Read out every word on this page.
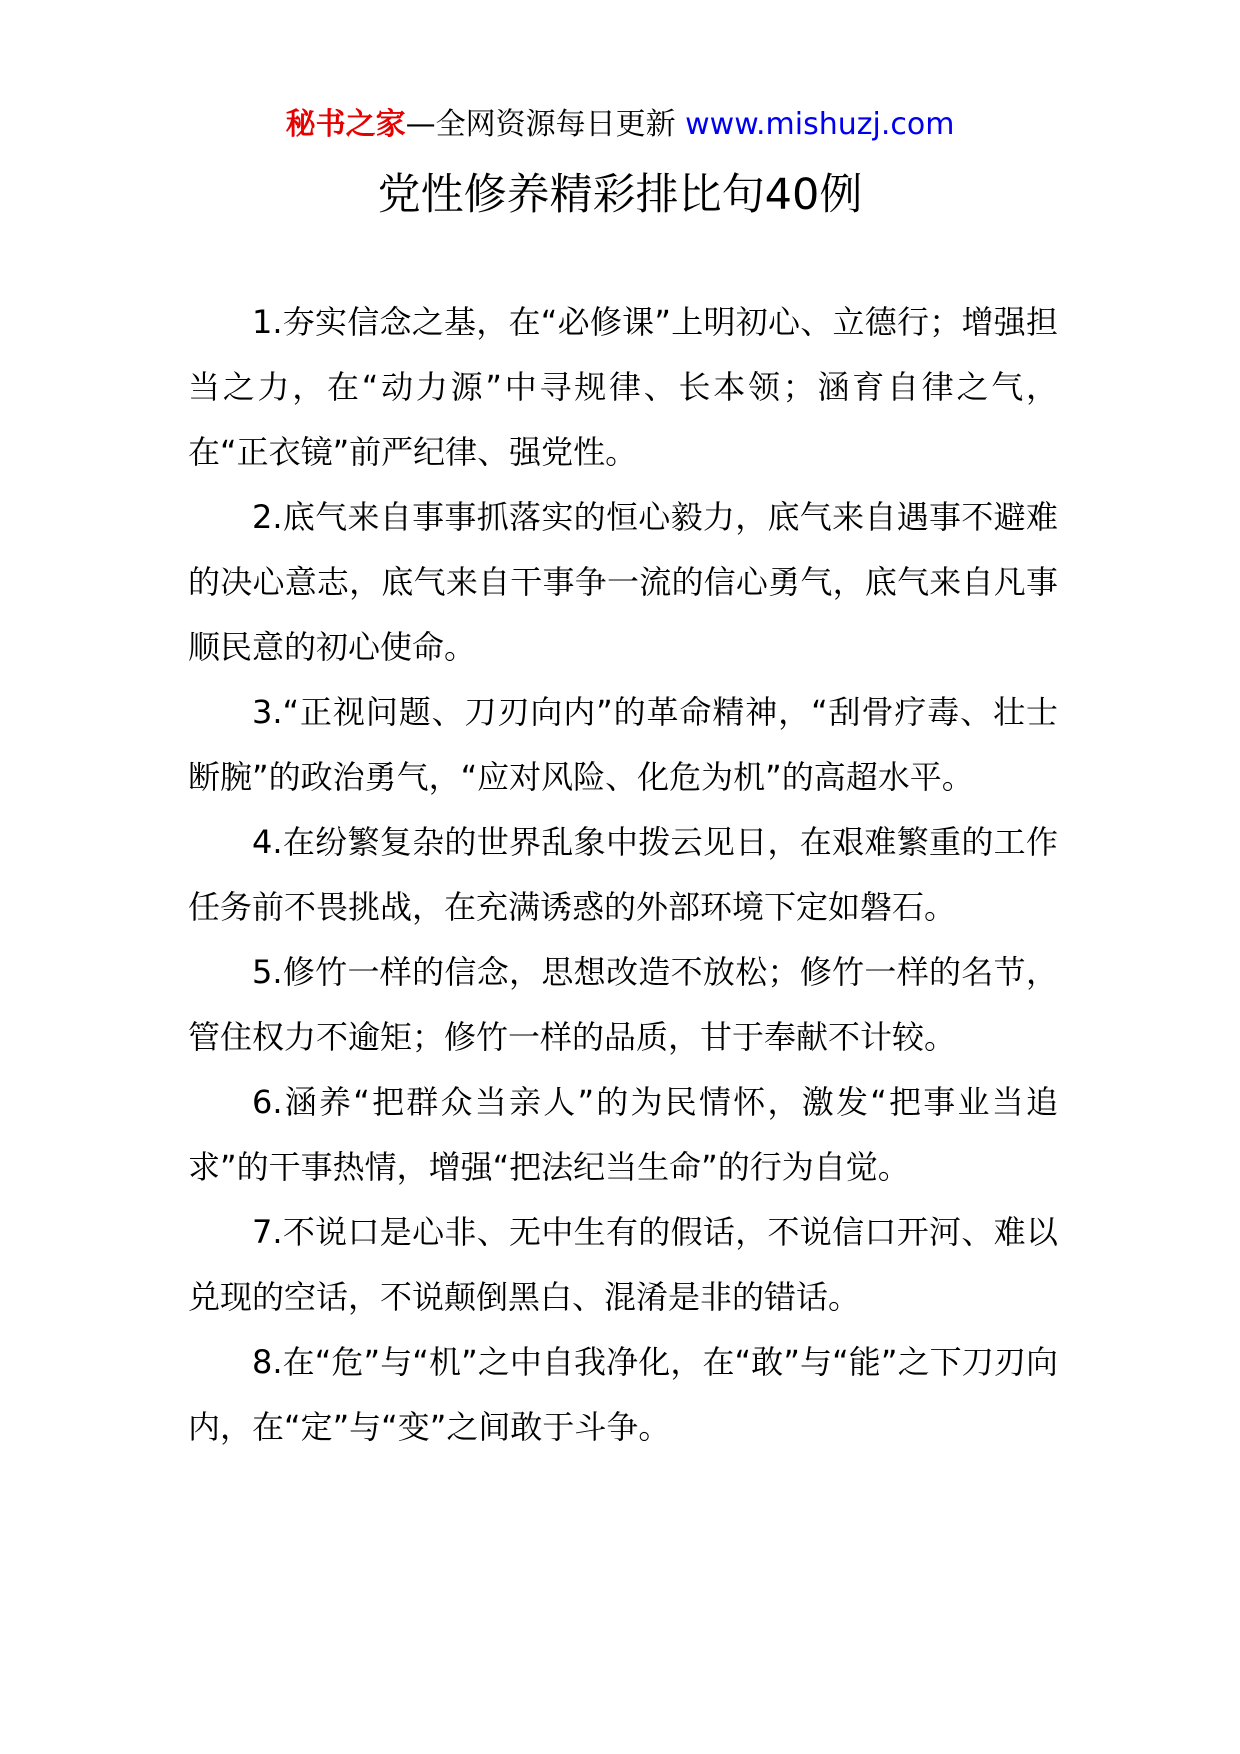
秘书之家—全网资源每日更新 www.mishuzj.com
党性修养精彩排比句40例

1.夯实信念之基，在“必修课”上明初心、立德行；增强担当之力，在“动力源”中寻规律、长本领；涵育自律之气，在“正衣镜”前严纪律、强党性。

2.底气来自事事抓落实的恒心毅力，底气来自遇事不避难的决心意志，底气来自干事争一流的信心勇气，底气来自凡事顺民意的初心使命。

3.“正视问题、刀刃向内”的革命精神，“刮骨疗毒、壮士断腕”的政治勇气，“应对风险、化危为机”的高超水平。

4.在纷繁复杂的世界乱象中拨云见日，在艰难繁重的工作任务前不畏挑战，在充满诱惑的外部环境下定如磐石。

5.修竹一样的信念，思想改造不放松；修竹一样的名节，管住权力不逾矩；修竹一样的品质，甘于奉献不计较。

6.涵养“把群众当亲人”的为民情怀，激发“把事业当追求”的干事热情，增强“把法纪当生命”的行为自觉。

7.不说口是心非、无中生有的假话，不说信口开河、难以兑现的空话，不说颠倒黑白、混淆是非的错话。

8.在“危”与“机”之中自我净化，在“敢”与“能”之下刀刃向内，在“定”与“变”之间敢于斗争。
